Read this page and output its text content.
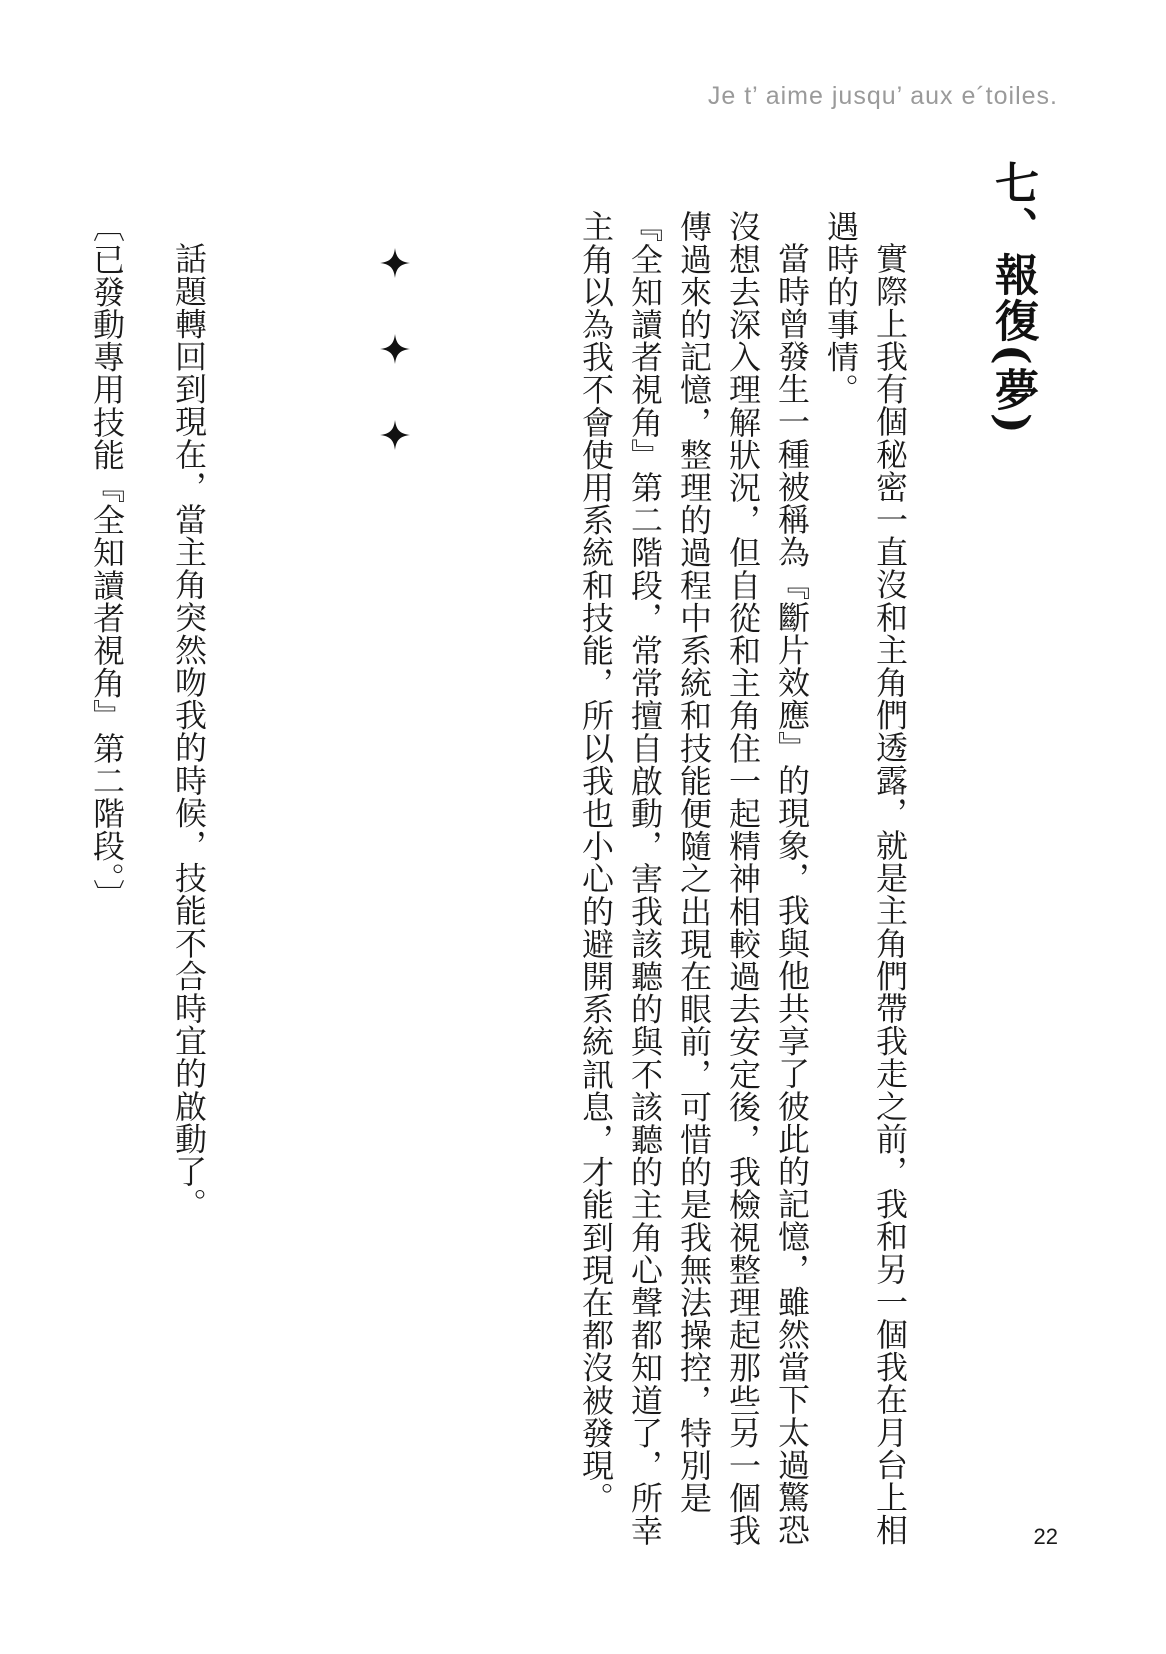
Je t’ aime jusqu’ aux e´toiles.
七、報復(夢)

實際上我有個秘密一直沒和主角們透露，就是主角們帶我走之前，我和另一個我在月台上相遇時的事情。

當時曾發生一種被稱為『斷片效應』的現象，我與他共享了彼此的記憶，雖然當下太過驚恐沒想去深入理解狀況，但自從和主角住一起精神相較過去安定後，我檢視整理起那些另一個我傳過來的記憶，整理的過程中系統和技能便隨之出現在眼前，可惜的是我無法操控，特別是『全知讀者視角』第二階段，常常擅自啟動，害我該聽的與不該聽的主角心聲都知道了，所幸主角以為我不會使用系統和技能，所以我也小心的避開系統訊息，才能到現在都沒被發現。

話題轉回到現在，當主角突然吻我的時候，技能不合時宜的啟動了。

〔已發動專用技能『全知讀者視角』第二階段。〕

22
